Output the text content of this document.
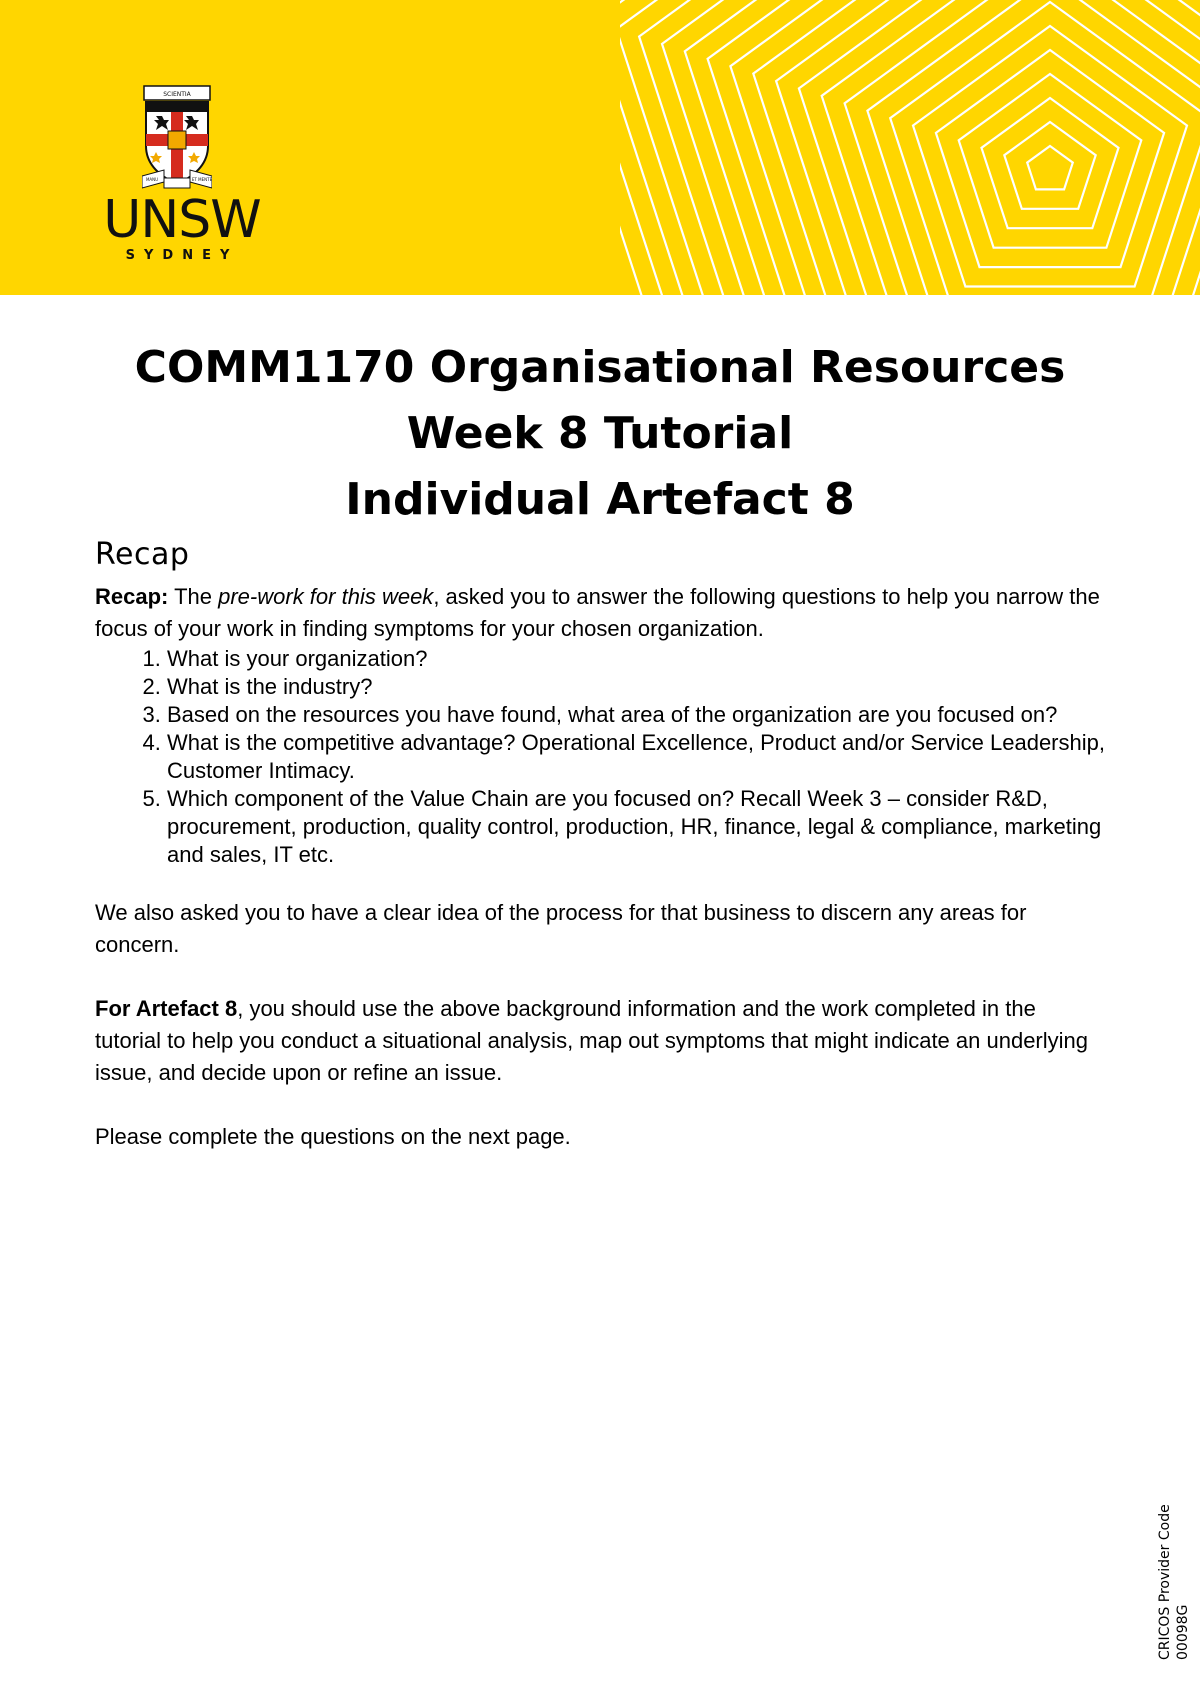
SCIENTIA
MANU	ET MENTE
UNSW
SYDNEY

COMM1170 Organisational Resources

Week 8 Tutorial

Individual Artefact 8

Recap

Recap: The pre-work for this week, asked you to answer the following questions to help you narrow the focus of your work in finding symptoms for your chosen organization.

1. What is your organization?
2. What is the industry?
3. Based on the resources you have found, what area of the organization are you focused on?
4. What is the competitive advantage? Operational Excellence, Product and/or Service Leadership, Customer Intimacy.
5. Which component of the Value Chain are you focused on? Recall Week 3 – consider R&D, procurement, production, quality control, production, HR, finance, legal & compliance, marketing and sales, IT etc.

We also asked you to have a clear idea of the process for that business to discern any areas for concern.

For Artefact 8, you should use the above background information and the work completed in the tutorial to help you conduct a situational analysis, map out symptoms that might indicate an underlying issue, and decide upon or refine an issue.

Please complete the questions on the next page.

CRICOS Provider Code 00098G
